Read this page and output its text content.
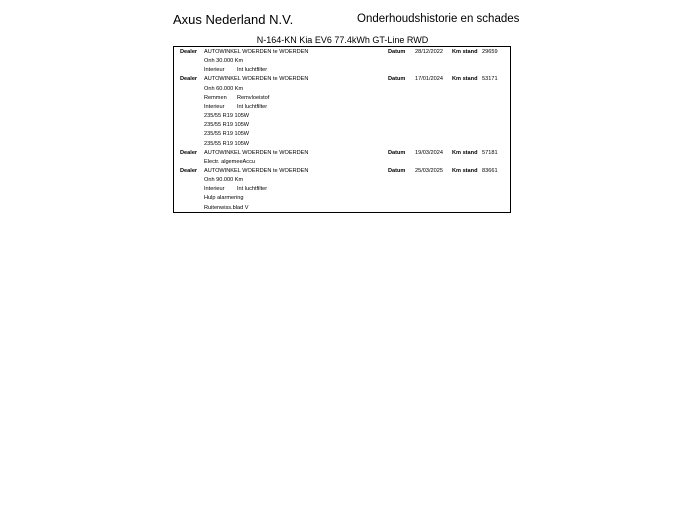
Axus Nederland N.V.	Onderhoudshistorie en schades
N-164-KN Kia EV6 77.4kWh GT-Line RWD
Dealer AUTOWINKEL WOERDEN te WOERDEN	Datum 28/12/2022 Km stand 29659
Onh 30.000 Km
Interieur Int luchtfilter
Dealer AUTOWINKEL WOERDEN te WOERDEN	Datum 17/01/2024 Km stand 53171
Onh 60.000 Km
Remmen Remvloeistof
Interieur Int luchtfilter
235/55 R19 105W
235/55 R19 105W
235/55 R19 105W
235/55 R19 105W
Dealer AUTOWINKEL WOERDEN te WOERDEN	Datum 19/03/2024 Km stand 57181
Electr. algemeeAccu
Dealer AUTOWINKEL WOERDEN te WOERDEN	Datum 25/03/2025 Km stand 83661
Onh 90.000 Km
Interieur Int luchtfilter
Hulp alarmering
Ruitenwiss.blad V
